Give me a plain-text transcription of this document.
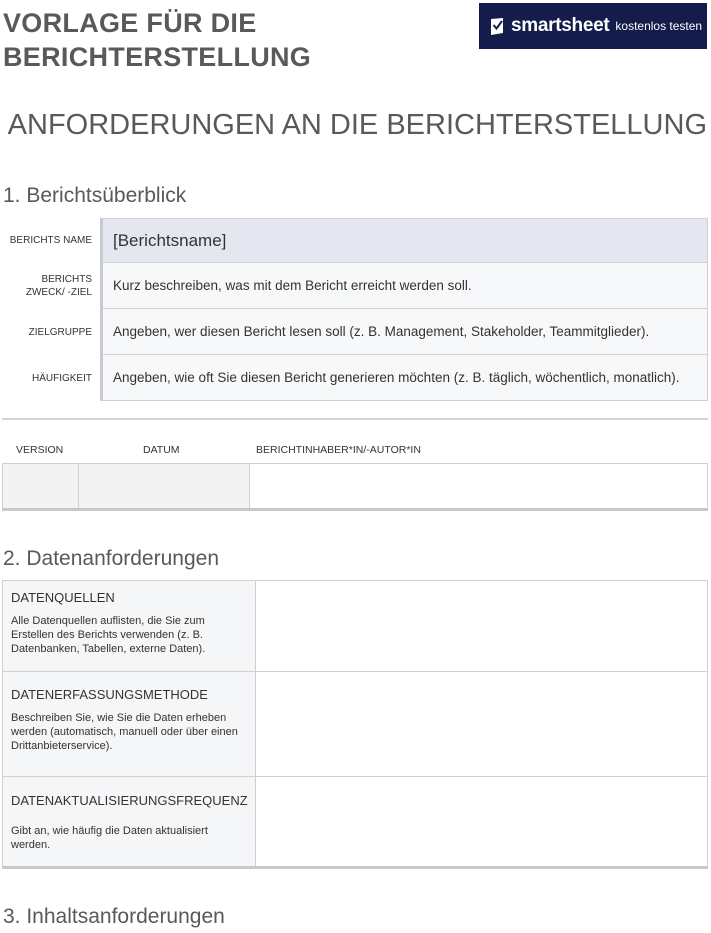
VORLAGE FÜR DIE BERICHTERSTELLUNG
smartsheet kostenlos testen
ANFORDERUNGEN AN DIE BERICHTERSTELLUNG
1. Berichtsüberblick
BERICHTS NAME	[Berichtsname]
BERICHTS ZWECK/ -ZIEL	Kurz beschreiben, was mit dem Bericht erreicht werden soll.
ZIELGRUPPE	Angeben, wer diesen Bericht lesen soll (z. B. Management, Stakeholder, Teammitglieder).
HÄUFIGKEIT	Angeben, wie oft Sie diesen Bericht generieren möchten (z. B. täglich, wöchentlich, monatlich).
VERSION	DATUM	BERICHTINHABER*IN/-AUTOR*IN
2. Datenanforderungen
DATENQUELLEN
Alle Datenquellen auflisten, die Sie zum Erstellen des Berichts verwenden (z. B. Datenbanken, Tabellen, externe Daten).
DATENERFASSUNGSMETHODE
Beschreiben Sie, wie Sie die Daten erheben werden (automatisch, manuell oder über einen Drittanbieterservice).
DATENAKTUALISIERUNGSFREQUENZ
Gibt an, wie häufig die Daten aktualisiert werden.
3. Inhaltsanforderungen
